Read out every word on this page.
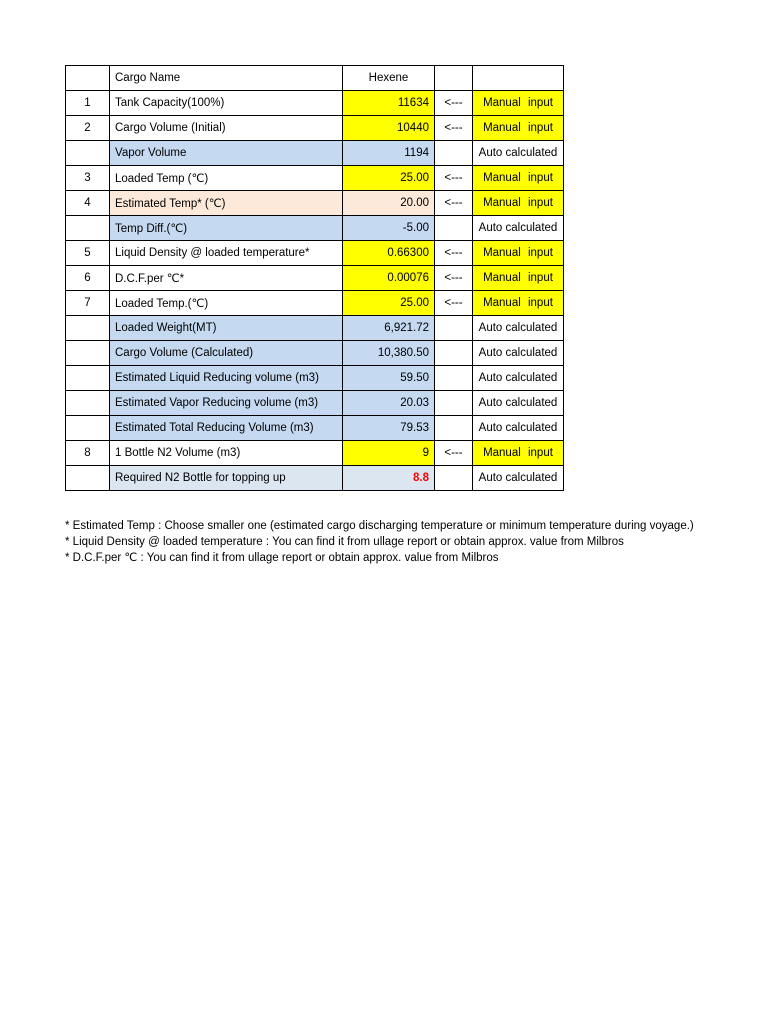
	Cargo Name	Hexene		
1	Tank Capacity(100%)	11634	<---	Manual input
2	Cargo Volume (Initial)	10440	<---	Manual input
	Vapor Volume	1194		Auto calculated
3	Loaded Temp (℃)	25.00	<---	Manual input
4	Estimated Temp* (℃)	20.00	<---	Manual input
	Temp Diff.(℃)	-5.00		Auto calculated
5	Liquid Density @ loaded temperature*	0.66300	<---	Manual input
6	D.C.F.per ℃*	0.00076	<---	Manual input
7	Loaded Temp.(℃)	25.00	<---	Manual input
	Loaded Weight(MT)	6,921.72		Auto calculated
	Cargo Volume (Calculated)	10,380.50		Auto calculated
	Estimated Liquid Reducing volume (m3)	59.50		Auto calculated
	Estimated Vapor Reducing volume (m3)	20.03		Auto calculated
	Estimated Total Reducing Volume (m3)	79.53		Auto calculated
8	1 Bottle N2 Volume (m3)	9	<---	Manual input
	Required N2 Bottle for topping up	8.8		Auto calculated
* Estimated Temp : Choose smaller one (estimated cargo discharging temperature or minimum temperature during voyage.)
* Liquid Density @ loaded temperature : You can find it from ullage report or obtain approx. value from Milbros
* D.C.F.per ℃ : You can find it from ullage report or obtain approx. value from Milbros
